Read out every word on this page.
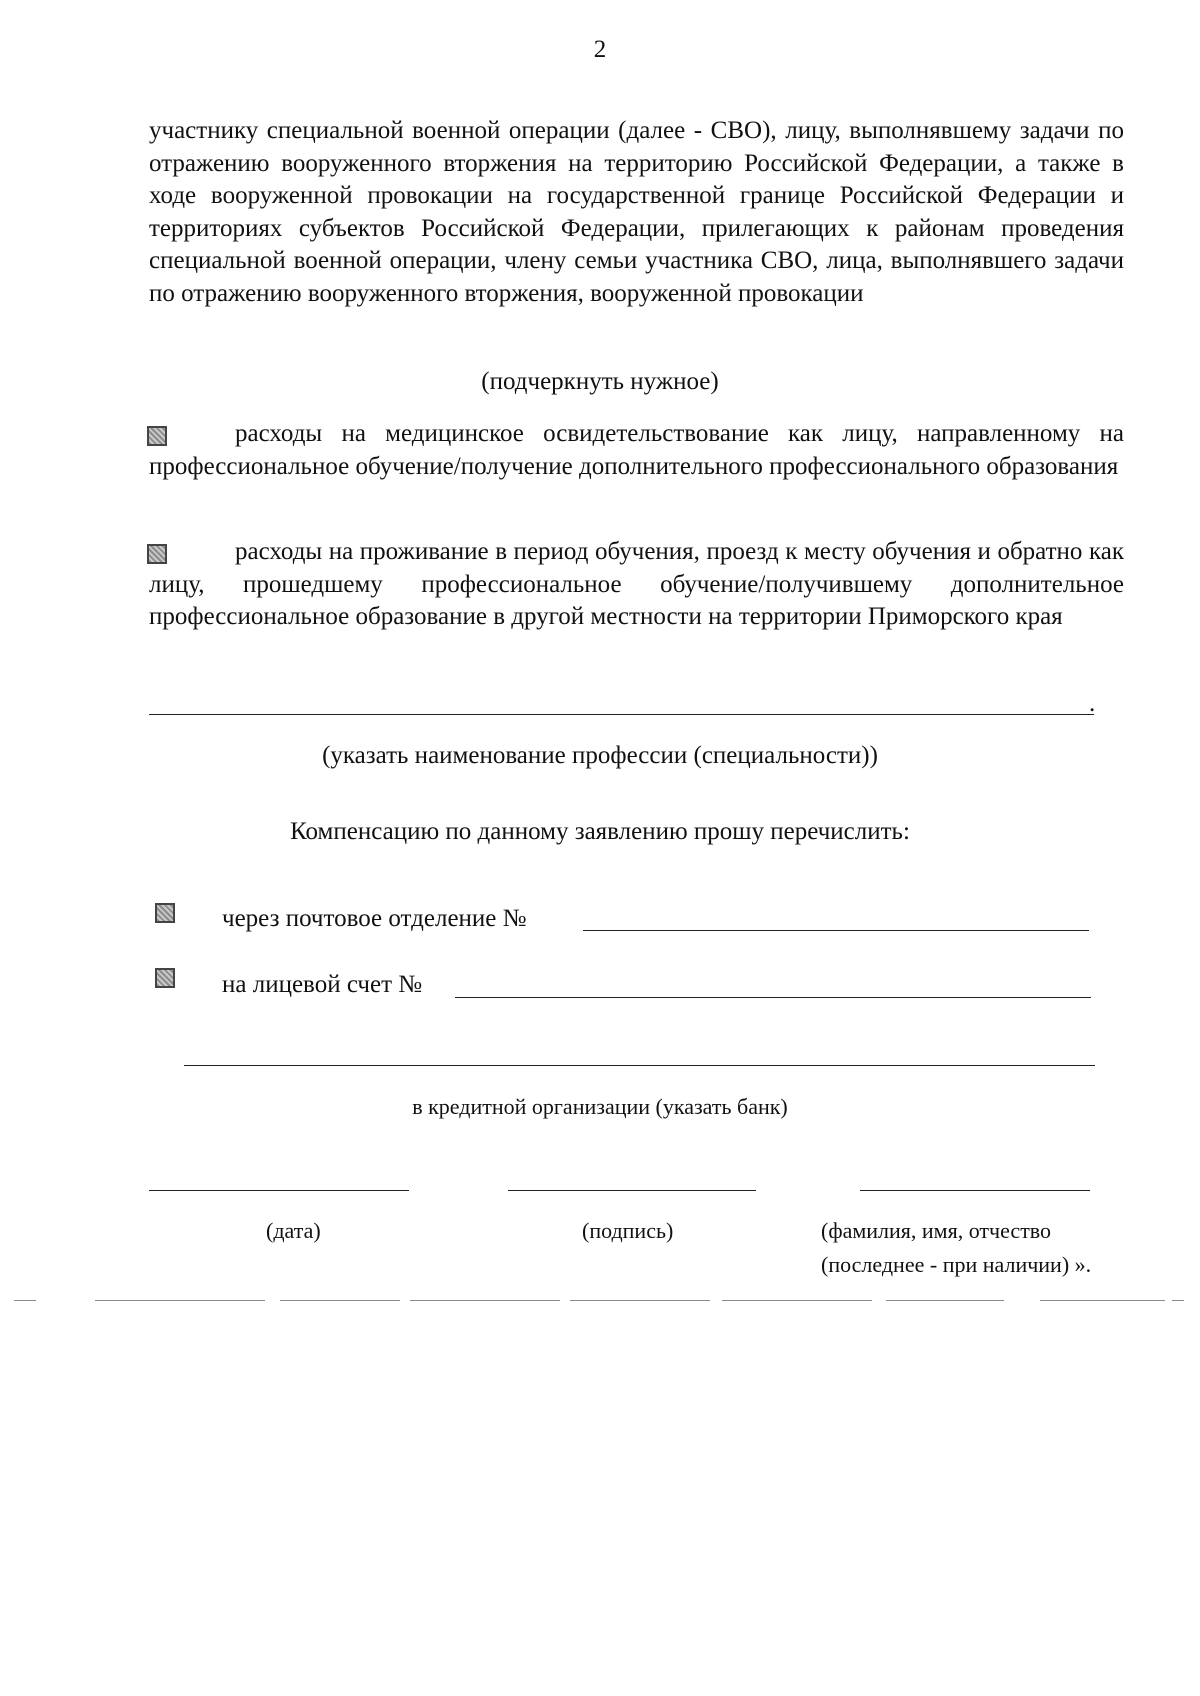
2
участнику специальной военной операции (далее - СВО), лицу, выполнявшему задачи по отражению вооруженного вторжения на территорию Российской Федерации, а также в ходе вооруженной провокации на государственной границе Российской Федерации и территориях субъектов Российской Федерации, прилегающих к районам проведения специальной военной операции, члену семьи участника СВО, лица, выполнявшего задачи по отражению вооруженного вторжения, вооруженной провокации
(подчеркнуть нужное)
расходы на медицинское освидетельствование как лицу, направленному на профессиональное обучение/получение дополнительного профессионального образования
расходы на проживание в период обучения, проезд к месту обучения и обратно как лицу, прошедшему профессиональное обучение/получившему дополнительное профессиональное образование в другой местности на территории Приморского края
.
(указать наименование профессии (специальности))
Компенсацию по данному заявлению прошу перечислить:
через почтовое отделение №
на лицевой счет №
в кредитной организации (указать банк)
(дата)	(подпись)	(фамилия, имя, отчество
(последнее - при наличии) ».
